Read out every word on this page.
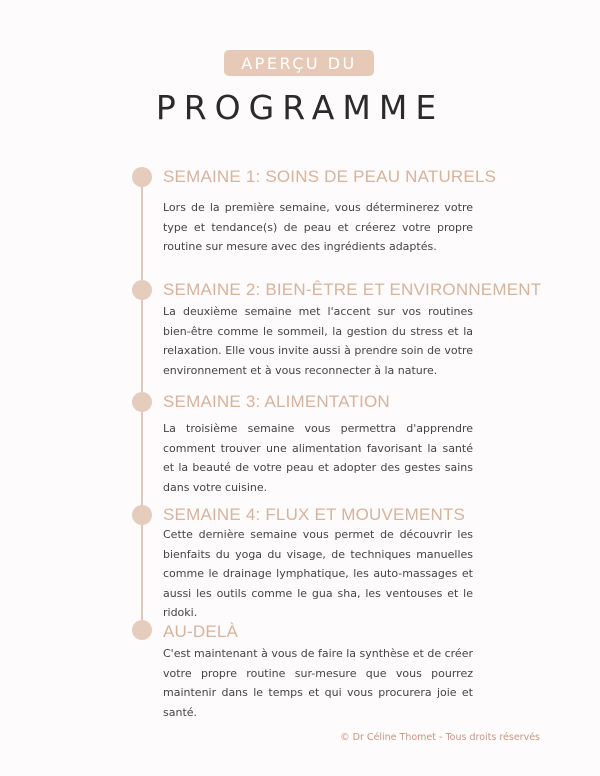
APERÇU DU
PROGRAMME
SEMAINE 1: SOINS DE PEAU NATURELS

Lors de la première semaine, vous déterminerez votre type et tendance(s) de peau et créerez votre propre routine sur mesure avec des ingrédients adaptés.

SEMAINE 2: BIEN-ÊTRE ET ENVIRONNEMENT

La deuxième semaine met l'accent sur vos routines bien-être comme le sommeil, la gestion du stress et la relaxation. Elle vous invite aussi à prendre soin de votre environnement et à vous reconnecter à la nature.

SEMAINE 3: ALIMENTATION

La troisième semaine vous permettra d'apprendre comment trouver une alimentation favorisant la santé et la beauté de votre peau et adopter des gestes sains dans votre cuisine.

SEMAINE 4: FLUX ET MOUVEMENTS

Cette dernière semaine vous permet de découvrir les bienfaits du yoga du visage, de techniques manuelles comme le drainage lymphatique, les auto-massages et aussi les outils comme le gua sha, les ventouses et le ridoki.

AU-DELÀ

C'est maintenant à vous de faire la synthèse et de créer votre propre routine sur-mesure que vous pourrez maintenir dans le temps et qui vous procurera joie et santé.

© Dr Céline Thomet - Tous droits réservés
